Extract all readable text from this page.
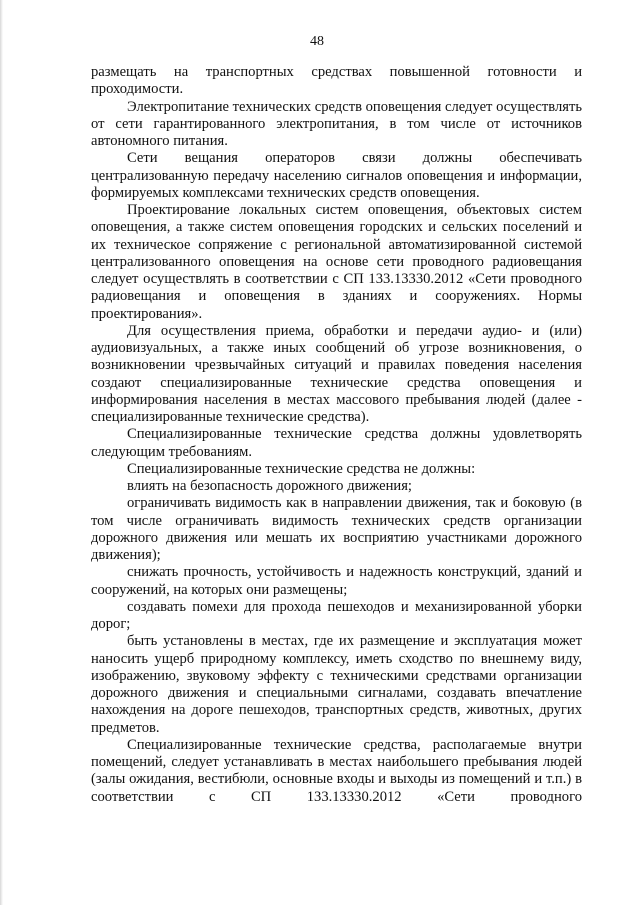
48
размещать на транспортных средствах повышенной готовности и проходимости.
Электропитание технических средств оповещения следует осуществлять от сети гарантированного электропитания, в том числе от источников автономного питания.
Сети вещания операторов связи должны обеспечивать централизованную передачу населению сигналов оповещения и информации, формируемых комплексами технических средств оповещения.
Проектирование локальных систем оповещения, объектовых систем оповещения, а также систем оповещения городских и сельских поселений и их техническое сопряжение с региональной автоматизированной системой централизованного оповещения на основе сети проводного радиовещания следует осуществлять в соответствии с СП 133.13330.2012 «Сети проводного радиовещания и оповещения в зданиях и сооружениях. Нормы проектирования».
Для осуществления приема, обработки и передачи аудио- и (или) аудиовизуальных, а также иных сообщений об угрозе возникновения, о возникновении чрезвычайных ситуаций и правилах поведения населения создают специализированные технические средства оповещения и информирования населения в местах массового пребывания людей (далее - специализированные технические средства).
Специализированные технические средства должны удовлетворять следующим требованиям.
Специализированные технические средства не должны:
влиять на безопасность дорожного движения;
ограничивать видимость как в направлении движения, так и боковую (в том числе ограничивать видимость технических средств организации дорожного движения или мешать их восприятию участниками дорожного движения);
снижать прочность, устойчивость и надежность конструкций, зданий и сооружений, на которых они размещены;
создавать помехи для прохода пешеходов и механизированной уборки дорог;
быть установлены в местах, где их размещение и эксплуатация может наносить ущерб природному комплексу, иметь сходство по внешнему виду, изображению, звуковому эффекту с техническими средствами организации дорожного движения и специальными сигналами, создавать впечатление нахождения на дороге пешеходов, транспортных средств, животных, других предметов.
Специализированные технические средства, располагаемые внутри помещений, следует устанавливать в местах наибольшего пребывания людей (залы ожидания, вестибюли, основные входы и выходы из помещений и т.п.) в соответствии с СП 133.13330.2012 «Сети проводного
